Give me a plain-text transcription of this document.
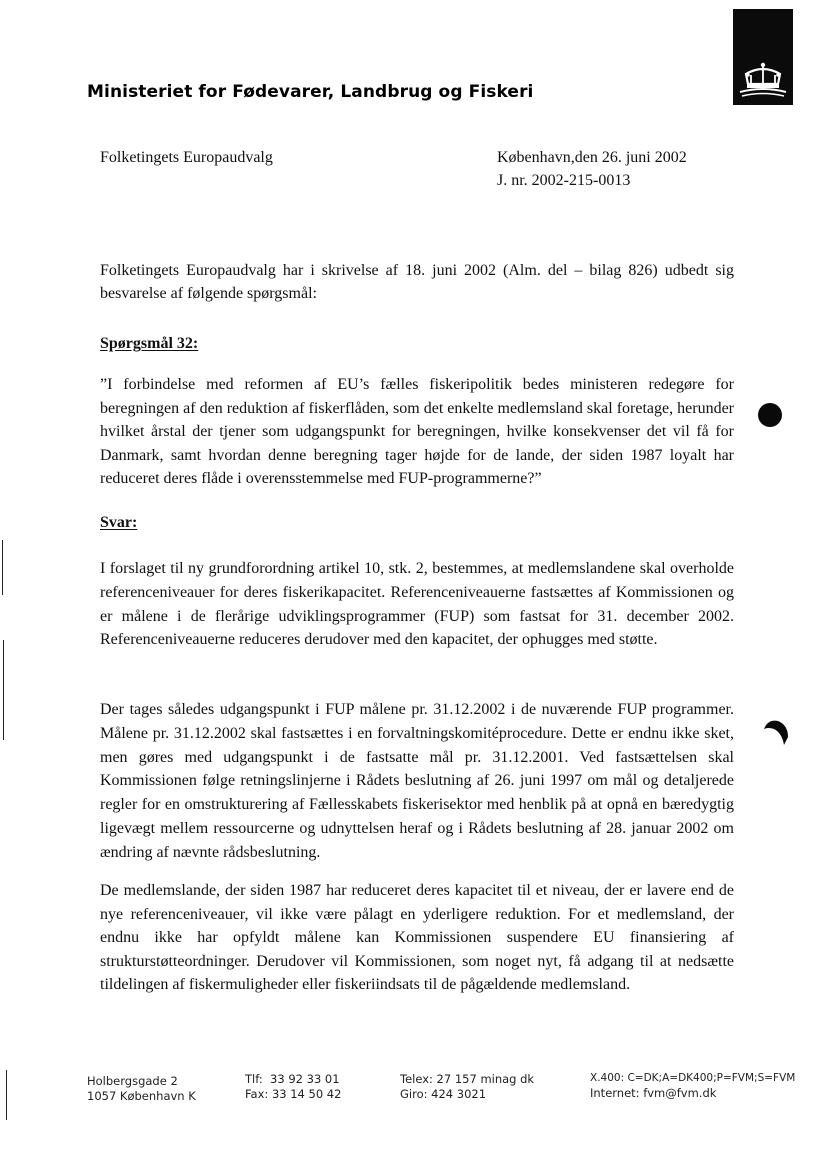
Ministeriet for Fødevarer, Landbrug og Fiskeri
Folketingets Europaudvalg	København,den 26. juni 2002
J. nr. 2002-215-0013
Folketingets Europaudvalg har i skrivelse af 18. juni 2002 (Alm. del – bilag 826) udbedt sig besvarelse af følgende spørgsmål:
Spørgsmål 32:
”I forbindelse med reformen af EU’s fælles fiskeripolitik bedes ministeren redegøre for beregningen af den reduktion af fiskerflåden, som det enkelte medlemsland skal foretage, herunder hvilket årstal der tjener som udgangspunkt for beregningen, hvilke konsekvenser det vil få for Danmark, samt hvordan denne beregning tager højde for de lande, der siden 1987 loyalt har reduceret deres flåde i overensstemmelse med FUP-programmerne?”
Svar:
I forslaget til ny grundforordning artikel 10, stk. 2, bestemmes, at medlemslandene skal overholde referenceniveauer for deres fiskerikapacitet. Referenceniveauerne fastsættes af Kommissionen og er målene i de flerårige udviklingsprogrammer (FUP) som fastsat for 31. december 2002. Referenceniveauerne reduceres derudover med den kapacitet, der ophugges med støtte.
Der tages således udgangspunkt i FUP målene pr. 31.12.2002 i de nuværende FUP programmer. Målene pr. 31.12.2002 skal fastsættes i en forvaltningskomitéprocedure. Dette er endnu ikke sket, men gøres med udgangspunkt i de fastsatte mål pr. 31.12.2001. Ved fastsættelsen skal Kommissionen følge retningslinjerne i Rådets beslutning af 26. juni 1997 om mål og detaljerede regler for en omstrukturering af Fællesskabets fiskerisektor med henblik på at opnå en bæredygtig ligevægt mellem ressourcerne og udnyttelsen heraf og i Rådets beslutning af 28. januar 2002 om ændring af nævnte rådsbeslutning.
De medlemslande, der siden 1987 har reduceret deres kapacitet til et niveau, der er lavere end de nye referenceniveauer, vil ikke være pålagt en yderligere reduktion. For et medlemsland, der endnu ikke har opfyldt målene kan Kommissionen suspendere EU finansiering af strukturstøtteordninger. Derudover vil Kommissionen, som noget nyt, få adgang til at nedsætte tildelingen af fiskermuligheder eller fiskeriindsats til de pågældende medlemsland.
Holbergsgade 2
1057 København K
Tlf:  33 92 33 01
Fax: 33 14 50 42
Telex: 27 157 minag dk
Giro: 424 3021
X.400: C=DK;A=DK400;P=FVM;S=FVM
Internet: fvm@fvm.dk
